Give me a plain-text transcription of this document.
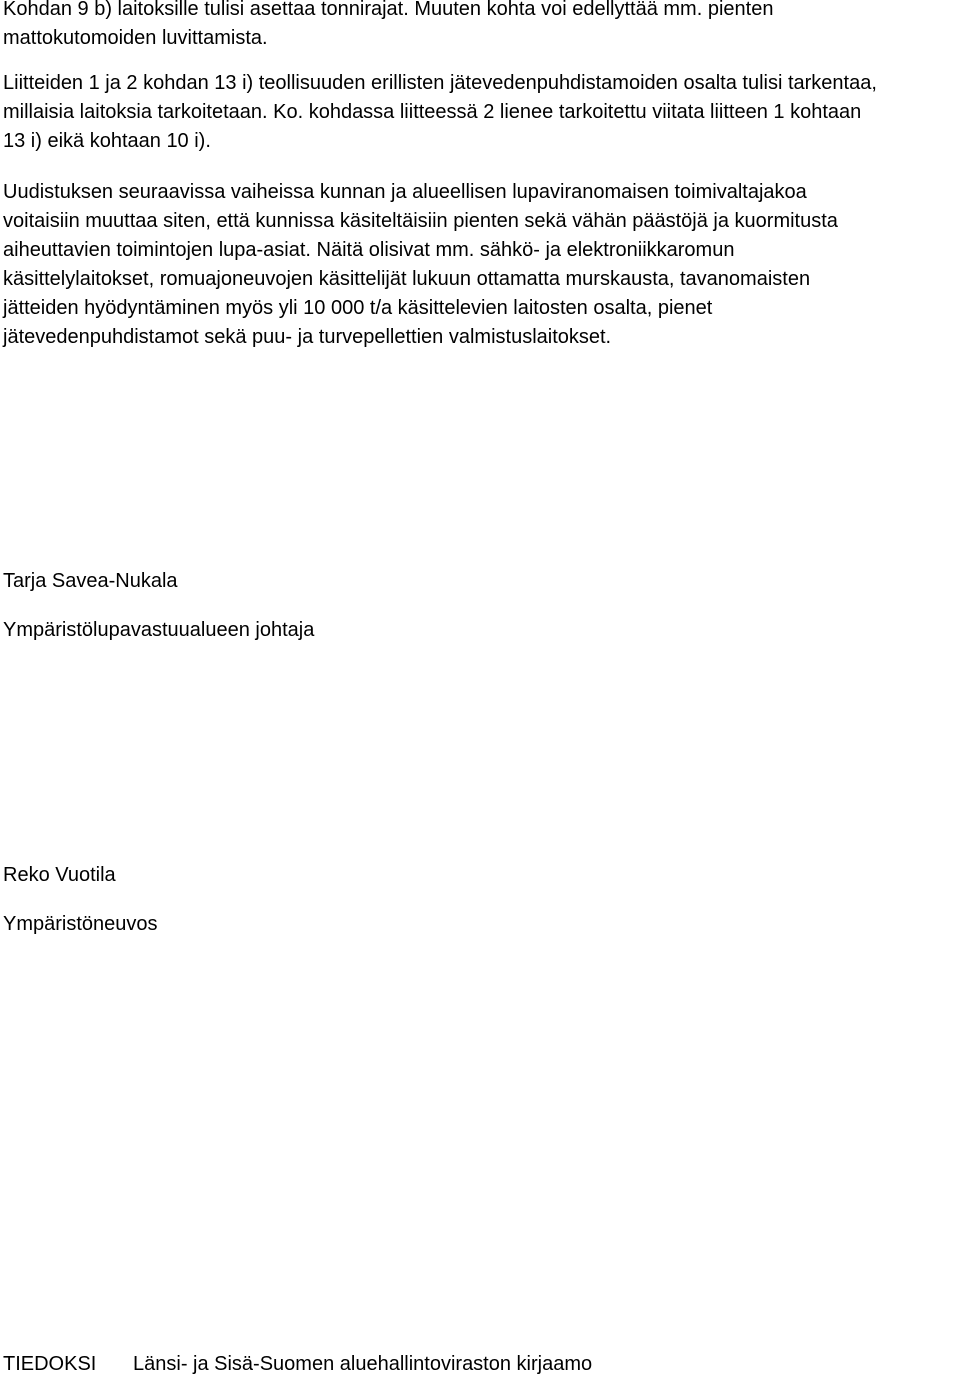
Kohdan 9 b) laitoksille tulisi asettaa tonnirajat. Muuten kohta voi edellyttää mm. pienten
mattokutomoiden luvittamista.
Liitteiden 1 ja 2 kohdan 13 i) teollisuuden erillisten jätevedenpuhdistamoiden osalta tulisi tarkentaa,
millaisia laitoksia tarkoitetaan. Ko. kohdassa liitteessä 2 lienee tarkoitettu viitata liitteen 1 kohtaan
13 i) eikä kohtaan 10 i).
Uudistuksen seuraavissa vaiheissa kunnan ja alueellisen lupaviranomaisen toimivaltajakoa
voitaisiin muuttaa siten, että kunnissa käsiteltäisiin pienten sekä vähän päästöjä ja kuormitusta
aiheuttavien toimintojen lupa-asiat. Näitä olisivat mm. sähkö- ja elektroniikkaromun
käsittelylaitokset, romuajoneuvojen käsittelijät lukuun ottamatta murskausta, tavanomaisten
jätteiden hyödyntäminen myös yli 10 000 t/a käsittelevien laitosten osalta, pienet
jätevedenpuhdistamot sekä puu- ja turvepellettien valmistuslaitokset.
Tarja Savea-Nukala
Ympäristölupavastuualueen johtaja
Reko Vuotila
Ympäristöneuvos
TIEDOKSI Länsi- ja Sisä-Suomen aluehallintoviraston kirjaamo
